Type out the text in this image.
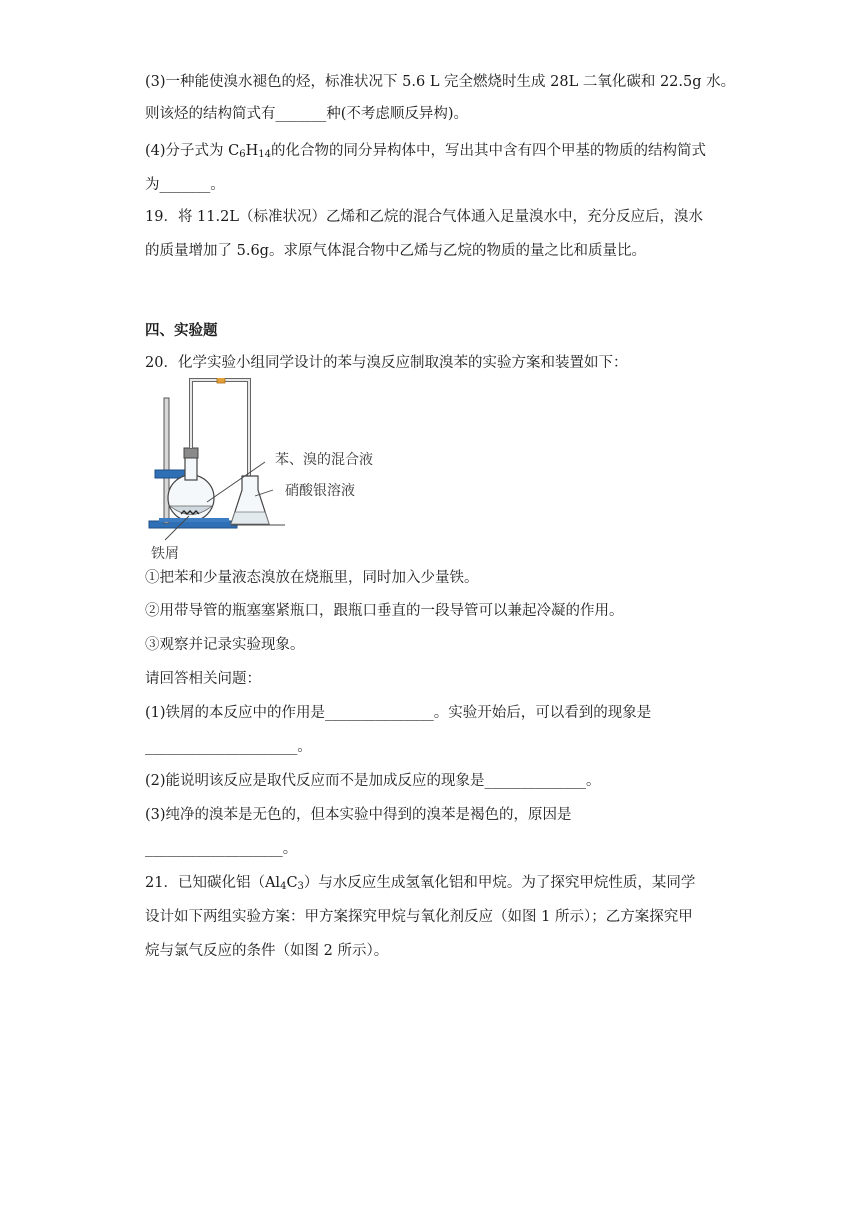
(3)一种能使溴水褪色的烃，标准状况下 5.6 L 完全燃烧时生成 28L 二氧化碳和 22.5g 水。
则该烃的结构简式有_______种(不考虑顺反异构)。
(4)分子式为 $C_6H_{14}$的化合物的同分异构体中，写出其中含有四个甲基的物质的结构简式
为_______。
19．将 11.2L（标准状况）乙烯和乙烷的混合气体通入足量溴水中，充分反应后，溴水
的质量增加了 5.6g。求原气体混合物中乙烯与乙烷的物质的量之比和质量比。
四、实验题
20．化学实验小组同学设计的苯与溴反应制取溴苯的实验方案和装置如下：
苯、溴的混合液
硝酸银溶液
铁屑
①把苯和少量液态溴放在烧瓶里，同时加入少量铁。
②用带导管的瓶塞塞紧瓶口，跟瓶口垂直的一段导管可以兼起冷凝的作用。
③观察并记录实验现象。
请回答相关问题：
(1)铁屑的本反应中的作用是_______________。实验开始后，可以看到的现象是
_____________________。
(2)能说明该反应是取代反应而不是加成反应的现象是______________。
(3)纯净的溴苯是无色的，但本实验中得到的溴苯是褐色的，原因是
___________________。
21．已知碳化铝$(Al_4C_3)$与水反应生成氢氧化铝和甲烷。为了探究甲烷性质，某同学
设计如下两组实验方案：甲方案探究甲烷与氧化剂反应（如图 1 所示）；乙方案探究甲
烷与氯气反应的条件（如图 2 所示）。
